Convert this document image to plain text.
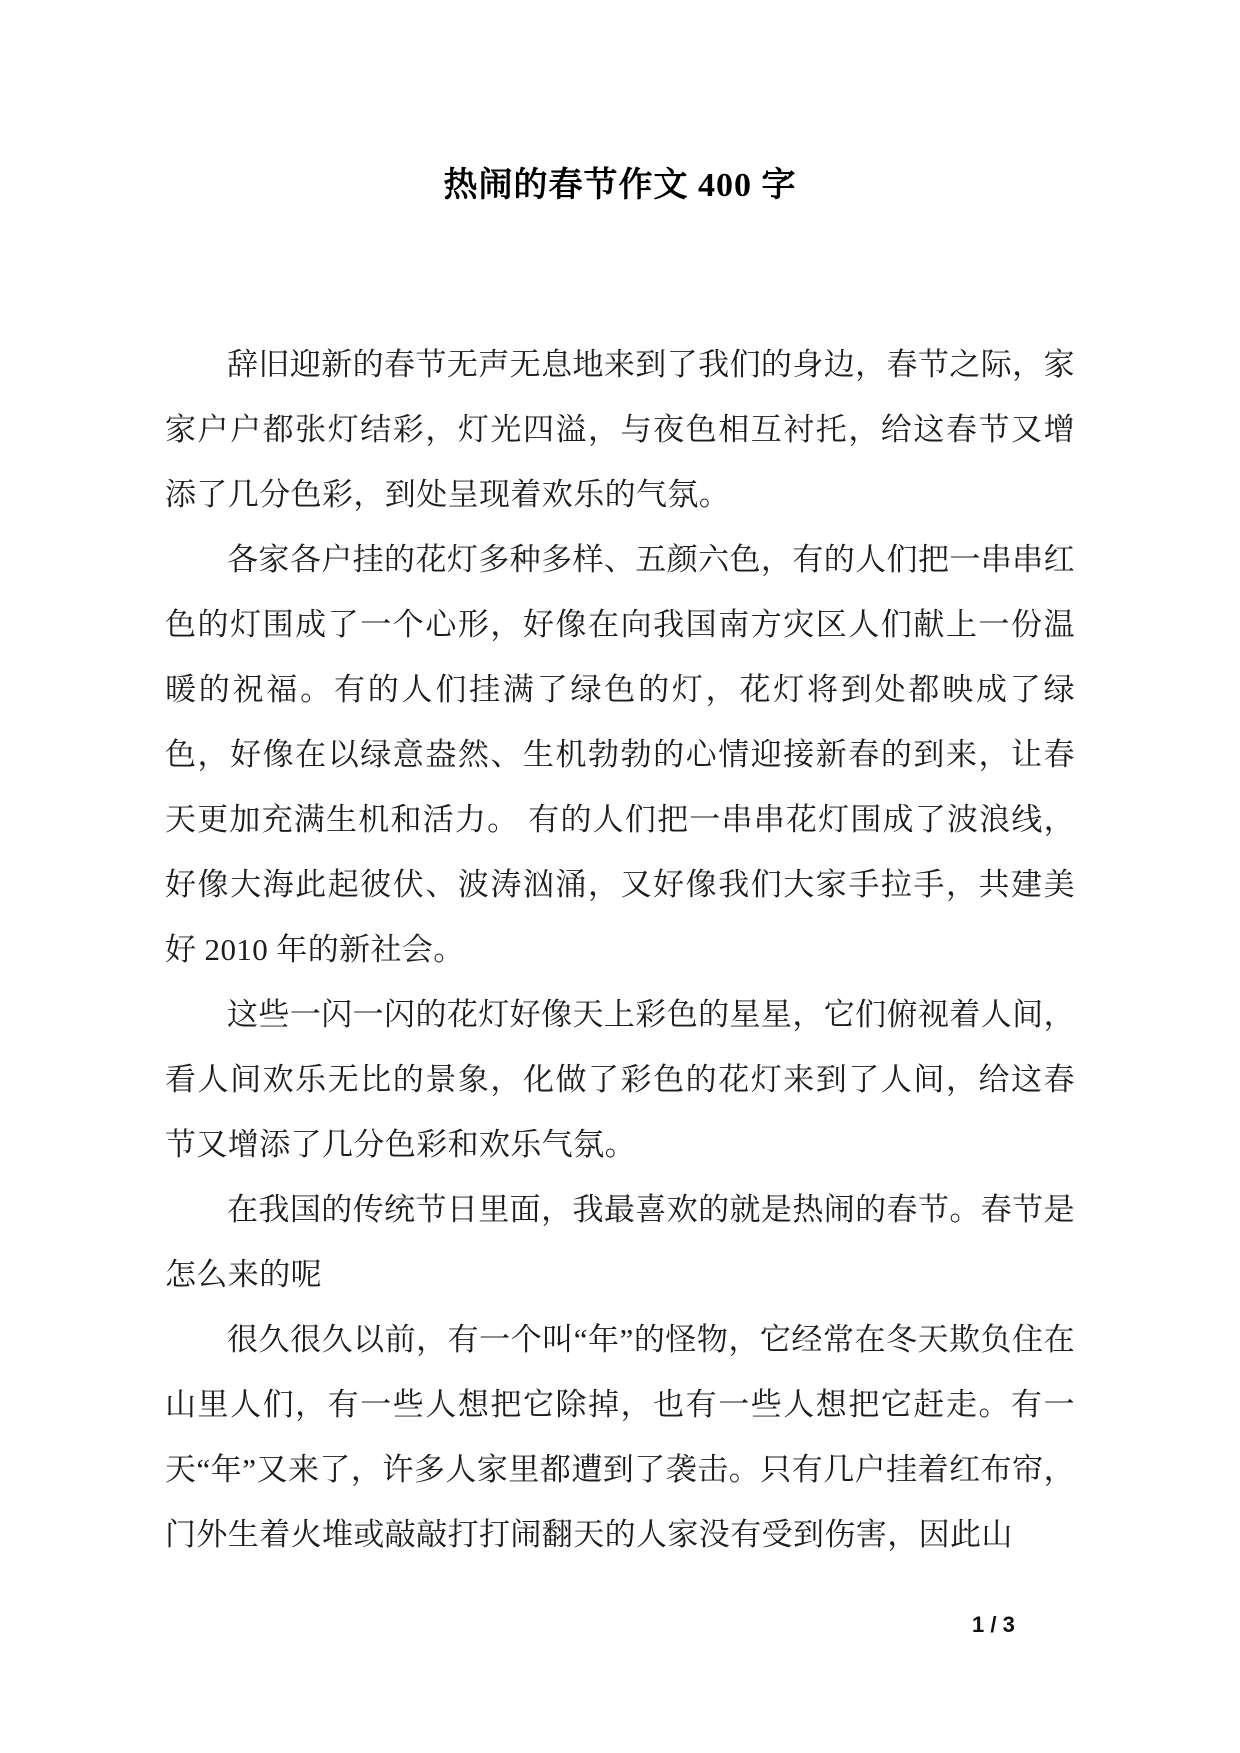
热闹的春节作文 400 字

辞旧迎新的春节无声无息地来到了我们的身边，春节之际，家家户户都张灯结彩，灯光四溢，与夜色相互衬托，给这春节又增添了几分色彩，到处呈现着欢乐的气氛。

各家各户挂的花灯多种多样、五颜六色，有的人们把一串串红色的灯围成了一个心形，好像在向我国南方灾区人们献上一份温暖的祝福。有的人们挂满了绿色的灯，花灯将到处都映成了绿色，好像在以绿意盎然、生机勃勃的心情迎接新春的到来，让春天更加充满生机和活力。 有的人们把一串串花灯围成了波浪线，好像大海此起彼伏、波涛汹涌，又好像我们大家手拉手，共建美好 2010 年的新社会。

这些一闪一闪的花灯好像天上彩色的星星，它们俯视着人间，看人间欢乐无比的景象，化做了彩色的花灯来到了人间，给这春节又增添了几分色彩和欢乐气氛。

在我国的传统节日里面，我最喜欢的就是热闹的春节。春节是怎么来的呢

很久很久以前，有一个叫“年”的怪物，它经常在冬天欺负住在山里人们，有一些人想把它除掉，也有一些人想把它赶走。有一天“年”又来了，许多人家里都遭到了袭击。只有几户挂着红布帘，门外生着火堆或敲敲打打闹翻天的人家没有受到伤害，因此山

1 / 3
